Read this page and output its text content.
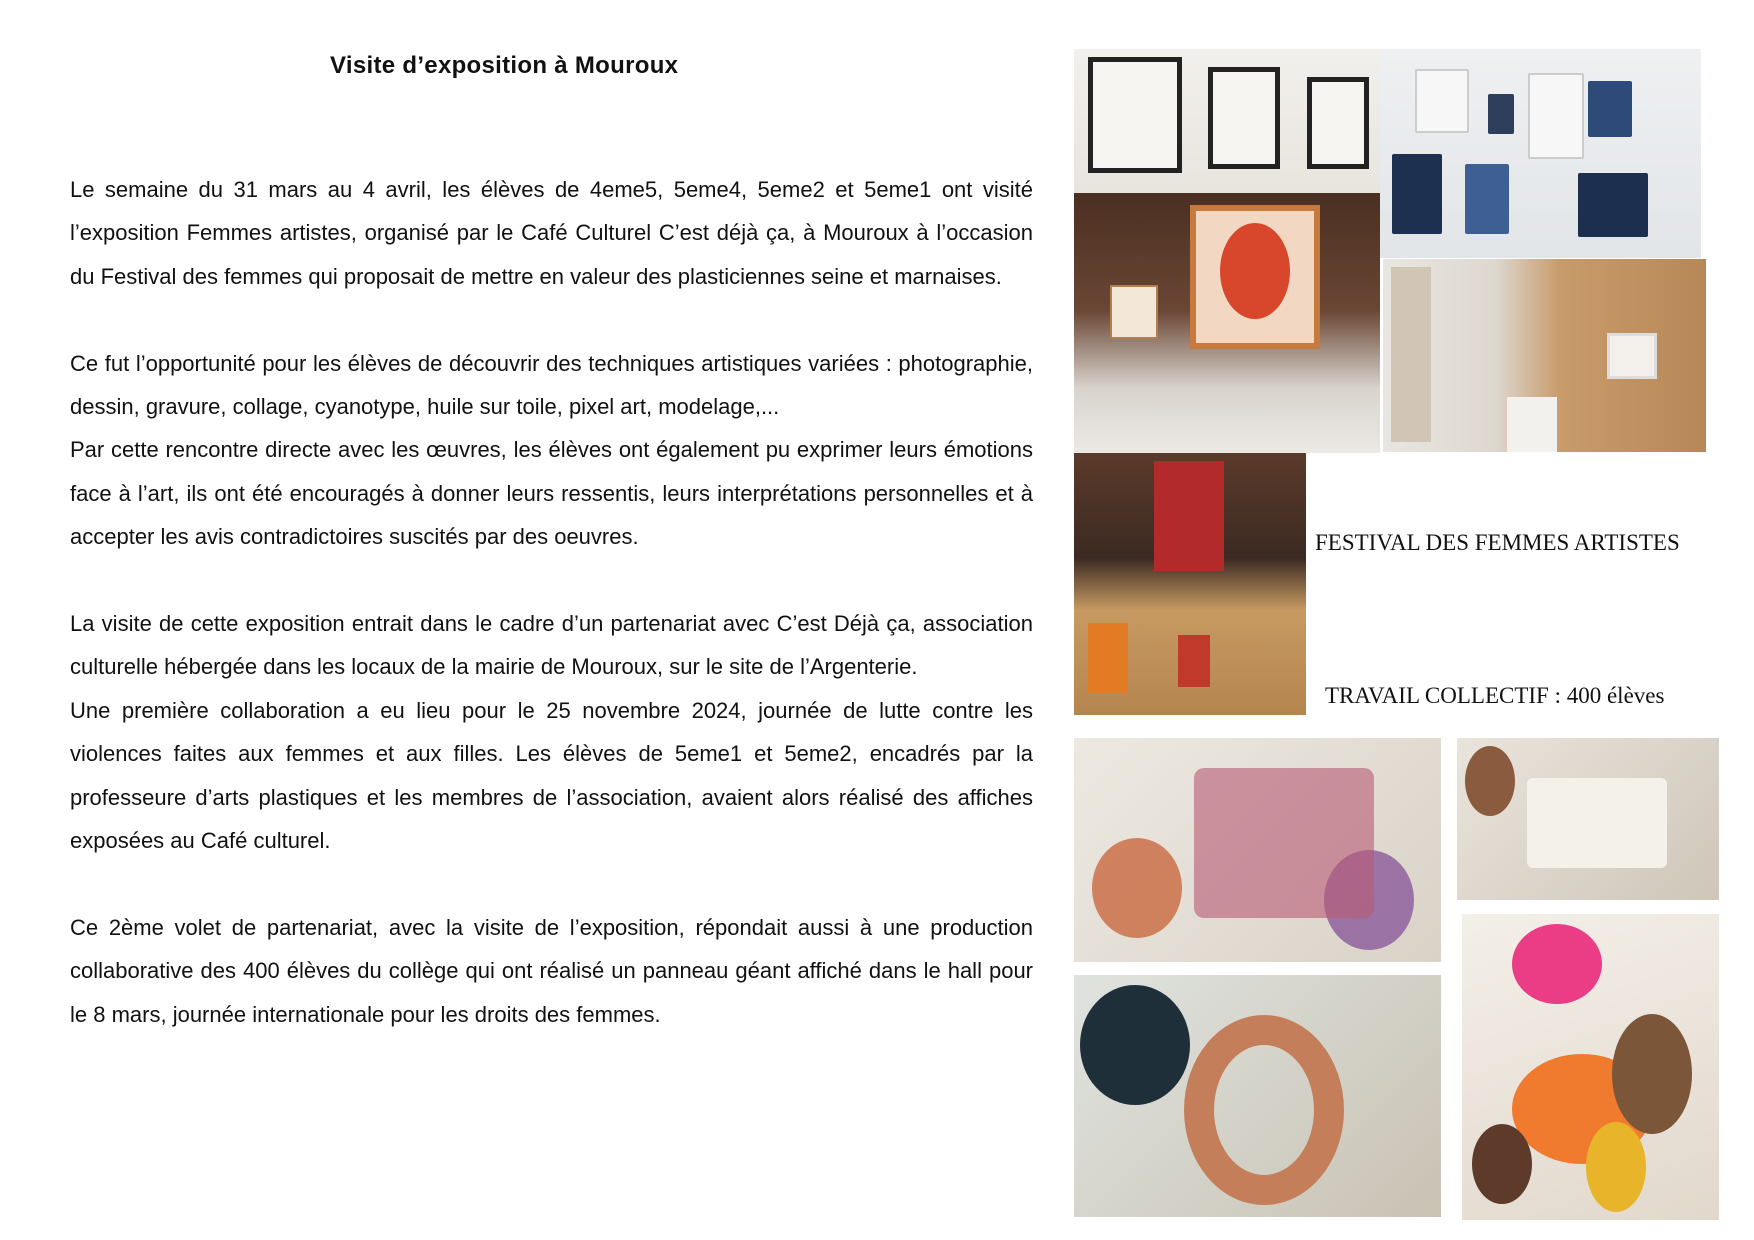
Visite d’exposition à Mouroux

Le semaine du 31 mars au 4 avril, les élèves de 4eme5, 5eme4, 5eme2 et 5eme1 ont visité l’exposition Femmes artistes, organisé par le Café Culturel C’est déjà ça, à Mouroux à l’occasion du Festival des femmes qui proposait de mettre en valeur des plasticiennes seine et marnaises.

Ce fut l’opportunité pour les élèves de découvrir des techniques artistiques variées : photographie, dessin, gravure, collage, cyanotype, huile sur toile, pixel art, modelage,...

Par cette rencontre directe avec les œuvres, les élèves ont également pu exprimer leurs émotions face à l’art, ils ont été encouragés à donner leurs ressentis, leurs interprétations personnelles et à accepter les avis contradictoires suscités par des oeuvres.

La visite de cette exposition entrait dans le cadre d’un partenariat avec C’est Déjà ça, association culturelle hébergée dans les locaux de la mairie de Mouroux, sur le site de l’Argenterie.

Une première collaboration a eu lieu pour le 25 novembre 2024, journée de lutte contre les violences faites aux femmes et aux filles. Les élèves de 5eme1 et 5eme2, encadrés par la professeure d’arts plastiques et les membres de l’association, avaient alors réalisé des affiches exposées au Café culturel.

Ce 2ème volet de partenariat, avec la visite de l’exposition, répondait aussi à une production collaborative des 400 élèves du collège qui ont réalisé un panneau géant affiché dans le hall pour le 8 mars, journée internationale pour les droits des femmes.

FESTIVAL DES FEMMES ARTISTES
TRAVAIL COLLECTIF : 400 élèves
